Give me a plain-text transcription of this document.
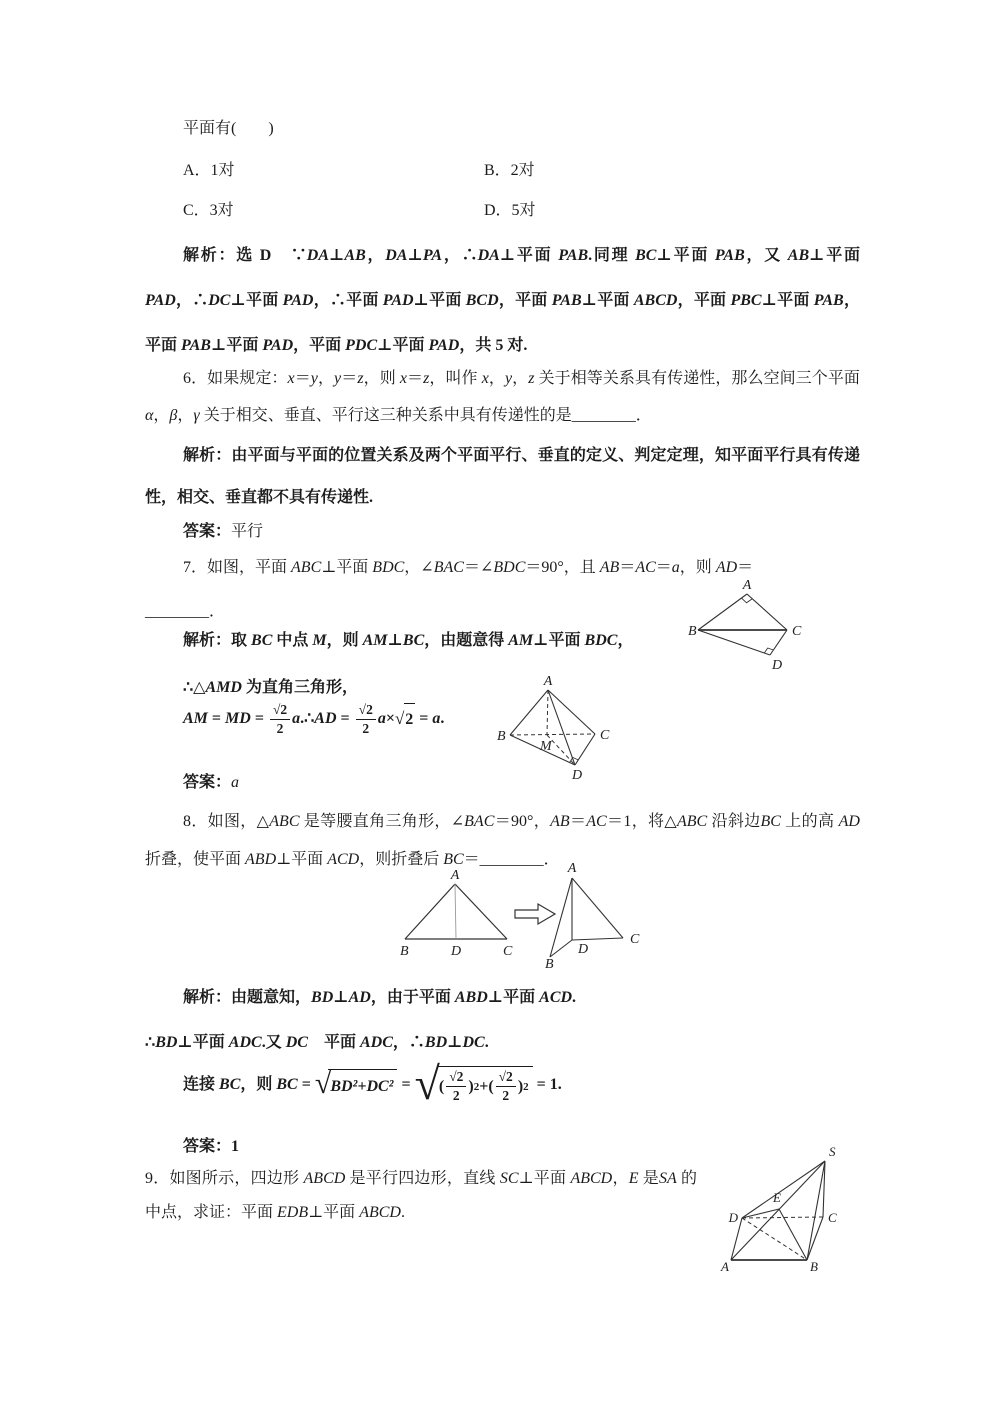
平面有(　　)
A．1对	B．2对
C．3对	D．5对
解析：选 D　∵DA⊥AB，DA⊥PA，∴DA⊥平面 PAB.同理 BC⊥平面 PAB，又 AB⊥平面 PAD，∴DC⊥平面 PAD，∴平面 PAD⊥平面 BCD，平面 PAB⊥平面 ABCD，平面 PBC⊥平面 PAB，平面 PAB⊥平面 PAD，平面 PDC⊥平面 PAD，共 5 对.
6．如果规定：x＝y，y＝z，则 x＝z，叫作 x，y，z 关于相等关系具有传递性，那么空间三个平面 α，β，γ 关于相交、垂直、平行这三种关系中具有传递性的是________．
解析：由平面与平面的位置关系及两个平面平行、垂直的定义、判定定理，知平面平行具有传递性，相交、垂直都不具有传递性.
答案：平行
7．如图，平面 ABC⊥平面 BDC，∠BAC＝∠BDC＝90°，且 AB＝AC＝a，则 AD＝
________．
解析：取 BC 中点 M，则 AM⊥BC，由题意得 AM⊥平面 BDC，
∴△AMD 为直角三角形，
AM = MD = $\frac{√2}{2}$ a .∴ AD = $\frac{√2}{2}$ a × √ 2 = a .
答案：a
8．如图，△ABC 是等腰直角三角形，∠BAC＝90°，AB＝AC＝1，将△ABC 沿斜边BC 上的高 AD 折叠，使平面 ABD⊥平面 ACD，则折叠后 BC＝________．
解析：由题意知，BD⊥AD，由于平面 ABD⊥平面 ACD.
∴BD⊥平面 ADC.又 DC　平面 ADC，∴BD⊥DC.
连接 BC ，则 BC = √ BD²+DC² = √ ( $\frac{√2}{2}$ ) 2 + ( $\frac{√2}{2}$ ) 2 = 1.
答案：1
9．如图所示，四边形 ABCD 是平行四边形，直线 SC⊥平面 ABCD，E 是SA 的中点，求证：平面 EDB⊥平面 ABCD.
A
B	C
D
A
B	C
D
M
A
B	D	C
A
D
C
B
S
E
D	C
A	B
